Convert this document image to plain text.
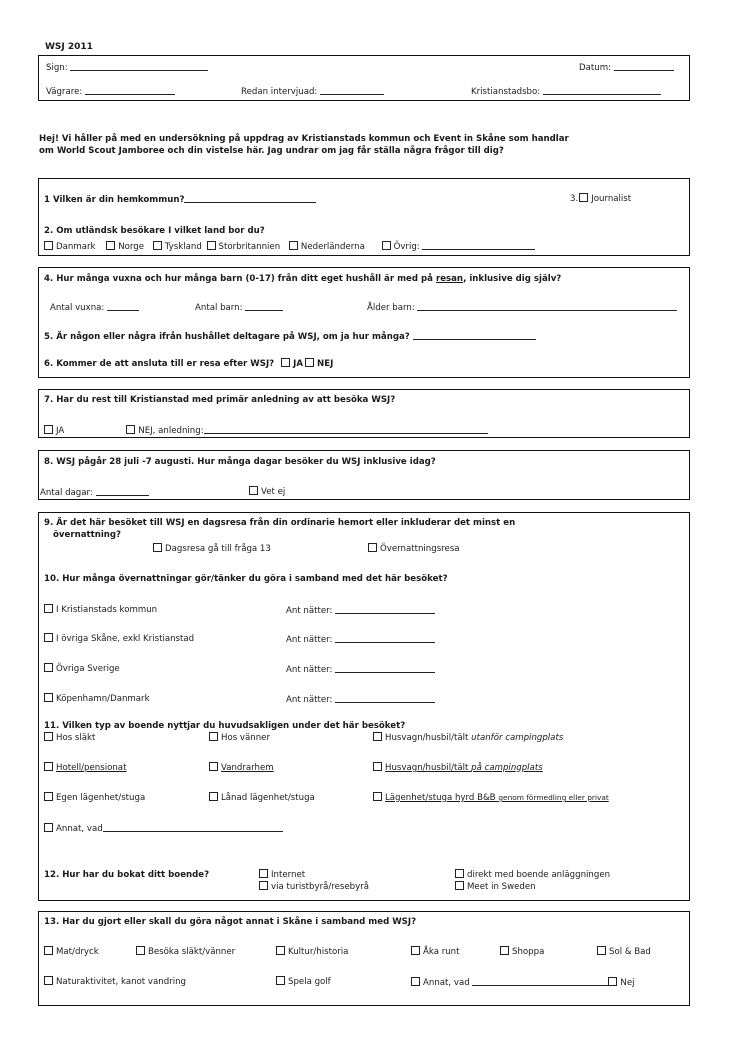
WSJ 2011
Sign:	Datum:
Vägrare:	Redan intervjuad:	Kristianstadsbo:
Hej! Vi håller på med en undersökning på uppdrag av Kristianstads kommun och Event in Skåne som handlar
om World Scout Jamboree och din vistelse här. Jag undrar om jag får ställa några frågor till dig?
1 Vilken är din hemkommun?	3. Journalist
2. Om utländsk besökare I vilket land bor du?
Danmark	Norge Tyskland Storbritannien Nederländerna	Övrig:
4. Hur många vuxna och hur många barn (0-17) från ditt eget hushåll är med på resan, inklusive dig själv?
Antal vuxna:	Antal barn:	Ålder barn:
5. Är någon eller några ifrån hushållet deltagare på WSJ, om ja hur många?
6. Kommer de att ansluta till er resa efter WSJ? JA NEJ
7. Har du rest till Kristianstad med primär anledning av att besöka WSJ?
JA	NEJ, anledning:
8. WSJ pågår 28 juli -7 augusti. Hur många dagar besöker du WSJ inklusive idag?
Antal dagar:	Vet ej
9. Är det här besöket till WSJ en dagsresa från din ordinarie hemort eller inkluderar det minst en
övernattning?
Dagsresa gå till fråga 13	Övernattningsresa
10. Hur många övernattningar gör/tänker du göra i samband med det här besöket?
I Kristianstads kommun	Ant nätter:
I övriga Skåne, exkl Kristianstad	Ant nätter:
Övriga Sverige	Ant nätter:
Köpenhamn/Danmark	Ant nätter:
11. Vilken typ av boende nyttjar du huvudsakligen under det här besöket?
Hos släkt	Hos vänner	Husvagn/husbil/tält utanför campingplats
Hotell/pensionat	Vandrarhem	Husvagn/husbil/tält på campingplats
Egen lägenhet/stuga	Lånad lägenhet/stuga	Lägenhet/stuga hyrd B&B genom förmedling eller privat
Annat, vad
12. Hur har du bokat ditt boende?	Internet
via turistbyrå/resebyrå
direkt med boende anläggningen
Meet in Sweden
13. Har du gjort eller skall du göra något annat i Skåne i samband med WSJ?
Mat/dryck	Besöka släkt/vänner	Kultur/historia	Åka runt	Shoppa	Sol & Bad
Naturaktivitet, kanot vandring	Spela golf	Annat, vad	Nej
